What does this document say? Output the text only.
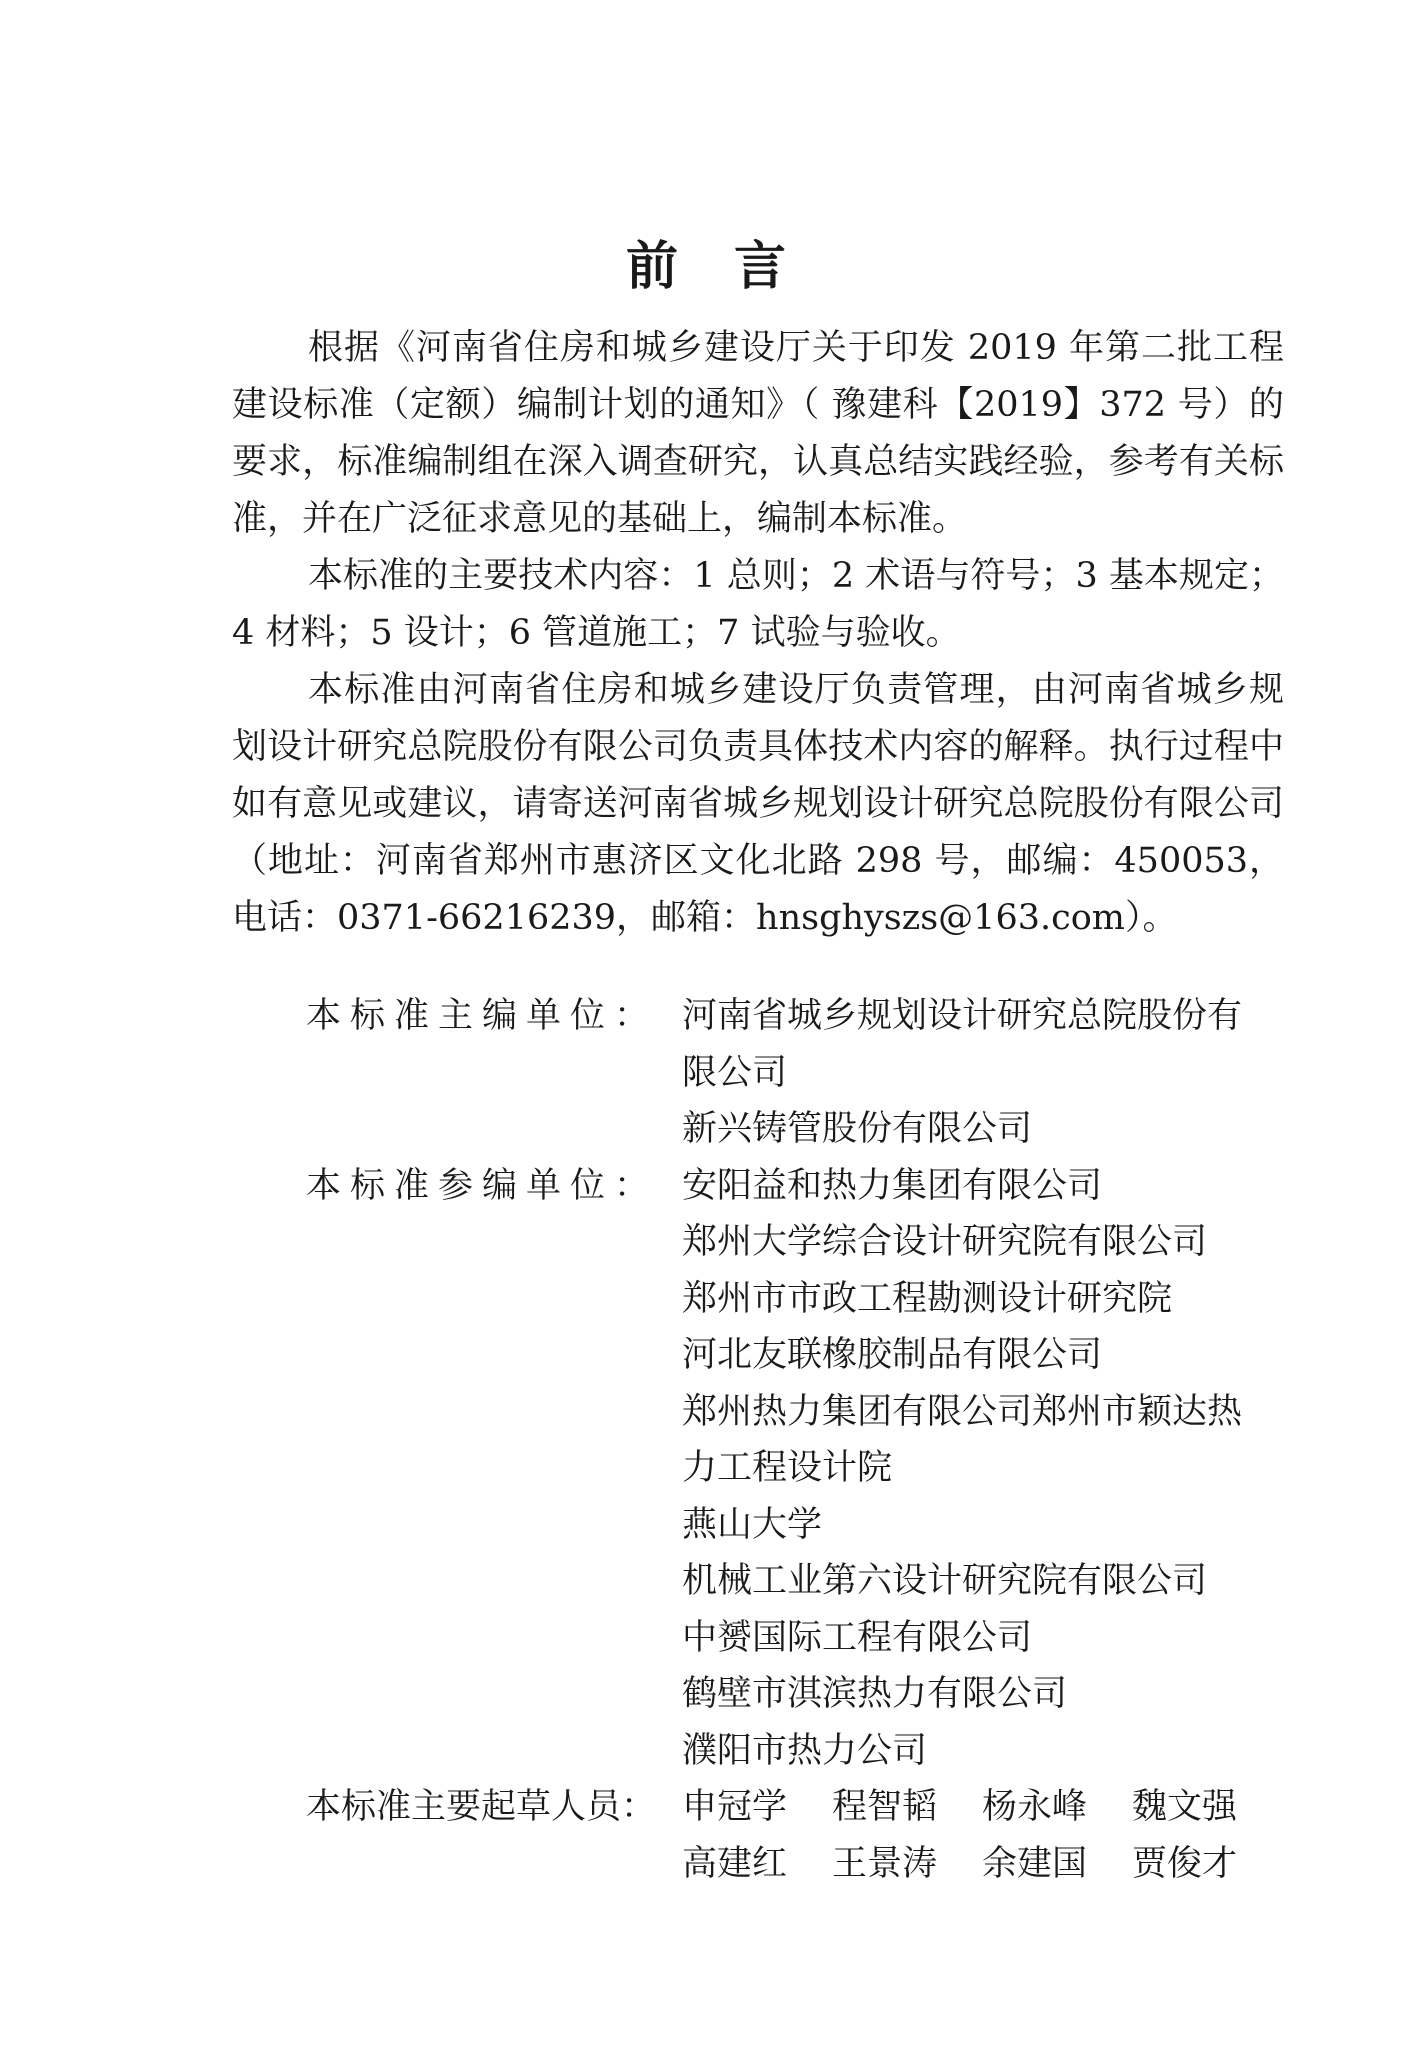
前言

根据《河南省住房和城乡建设厅关于印发 2019 年第二批工程建设标准（定额）编制计划的通知》（ 豫建科【2019】372 号）的要求，标准编制组在深入调查研究，认真总结实践经验，参考有关标准，并在广泛征求意见的基础上，编制本标准。

本标准的主要技术内容：1 总则；2 术语与符号；3 基本规定；4 材料；5 设计；6 管道施工；7 试验与验收。

本标准由河南省住房和城乡建设厅负责管理，由河南省城乡规划设计研究总院股份有限公司负责具体技术内容的解释。执行过程中如有意见或建议，请寄送河南省城乡规划设计研究总院股份有限公司（地址：河南省郑州市惠济区文化北路 298 号，邮编：450053，电话：0371-66216239，邮箱：hnsghyszs@163.com）。

本标准主编单位： 河南省城乡规划设计研究总院股份有
限公司
新兴铸管股份有限公司
本标准参编单位： 安阳益和热力集团有限公司
郑州大学综合设计研究院有限公司
郑州市市政工程勘测设计研究院
河北友联橡胶制品有限公司
郑州热力集团有限公司郑州市颖达热
力工程设计院
燕山大学
机械工业第六设计研究院有限公司
中赟国际工程有限公司
鹤壁市淇滨热力有限公司
濮阳市热力公司
本标准主要起草人员： 申冠学	程智韬	杨永峰	魏文强
高建红	王景涛	余建国	贾俊才
